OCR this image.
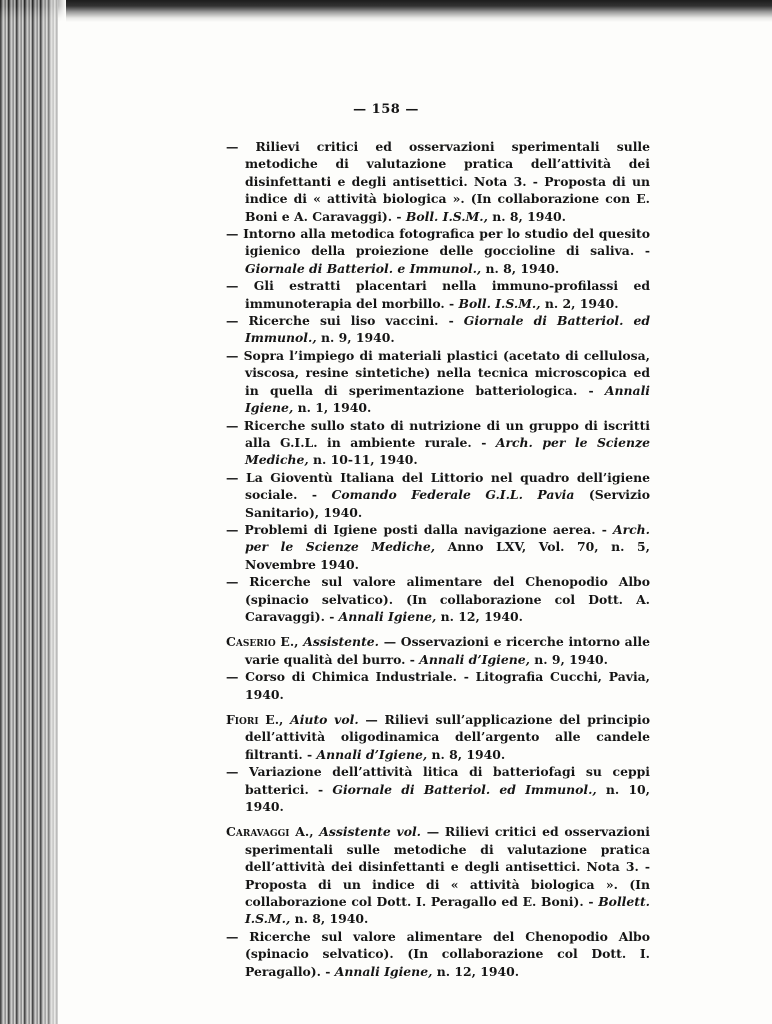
— 158 —

— Rilievi critici ed osservazioni sperimentali sulle metodiche di valutazione pratica dell’attività dei disinfettanti e degli antisettici. Nota 3. - Proposta di un indice di « attività biologica ». (In collaborazione con E. Boni e A. Caravaggi). - Boll. I.S.M., n. 8, 1940.

— Intorno alla metodica fotografica per lo studio del quesito igienico della proiezione delle goccioline di saliva. - Giornale di Batteriol. e Immunol., n. 8, 1940.

— Gli estratti placentari nella immuno-profilassi ed immunoterapia del morbillo. - Boll. I.S.M., n. 2, 1940.

— Ricerche sui liso vaccini. - Giornale di Batteriol. ed Immunol., n. 9, 1940.

— Sopra l’impiego di materiali plastici (acetato di cellulosa, viscosa, resine sintetiche) nella tecnica microscopica ed in quella di sperimentazione batteriologica. - Annali Igiene, n. 1, 1940.

— Ricerche sullo stato di nutrizione di un gruppo di iscritti alla G.I.L. in ambiente rurale. - Arch. per le Scienze Mediche, n. 10-11, 1940.

— La Gioventù Italiana del Littorio nel quadro dell’igiene sociale. - Comando Federale G.I.L. Pavia (Servizio Sanitario), 1940.

— Problemi di Igiene posti dalla navigazione aerea. - Arch. per le Scienze Mediche, Anno LXV, Vol. 70, n. 5, Novembre 1940.

— Ricerche sul valore alimentare del Chenopodio Albo (spinacio selvatico). (In collaborazione col Dott. A. Caravaggi). - Annali Igiene, n. 12, 1940.

Caserio E., Assistente. — Osservazioni e ricerche intorno alle varie qualità del burro. - Annali d’Igiene, n. 9, 1940.

— Corso di Chimica Industriale. - Litografia Cucchi, Pavia, 1940.

Fiori E., Aiuto vol. — Rilievi sull’applicazione del principio dell’attività oligodinamica dell’argento alle candele filtranti. - Annali d’Igiene, n. 8, 1940.

— Variazione dell’attività litica di batteriofagi su ceppi batterici. - Giornale di Batteriol. ed Immunol., n. 10, 1940.

Caravaggi A., Assistente vol. — Rilievi critici ed osservazioni sperimentali sulle metodiche di valutazione pratica dell’attività dei disinfettanti e degli antisettici. Nota 3. - Proposta di un indice di « attività biologica ». (In collaborazione col Dott. I. Peragallo ed E. Boni). - Bollett. I.S.M., n. 8, 1940.

— Ricerche sul valore alimentare del Chenopodio Albo (spinacio selvatico). (In collaborazione col Dott. I. Peragallo). - Annali Igiene, n. 12, 1940.
